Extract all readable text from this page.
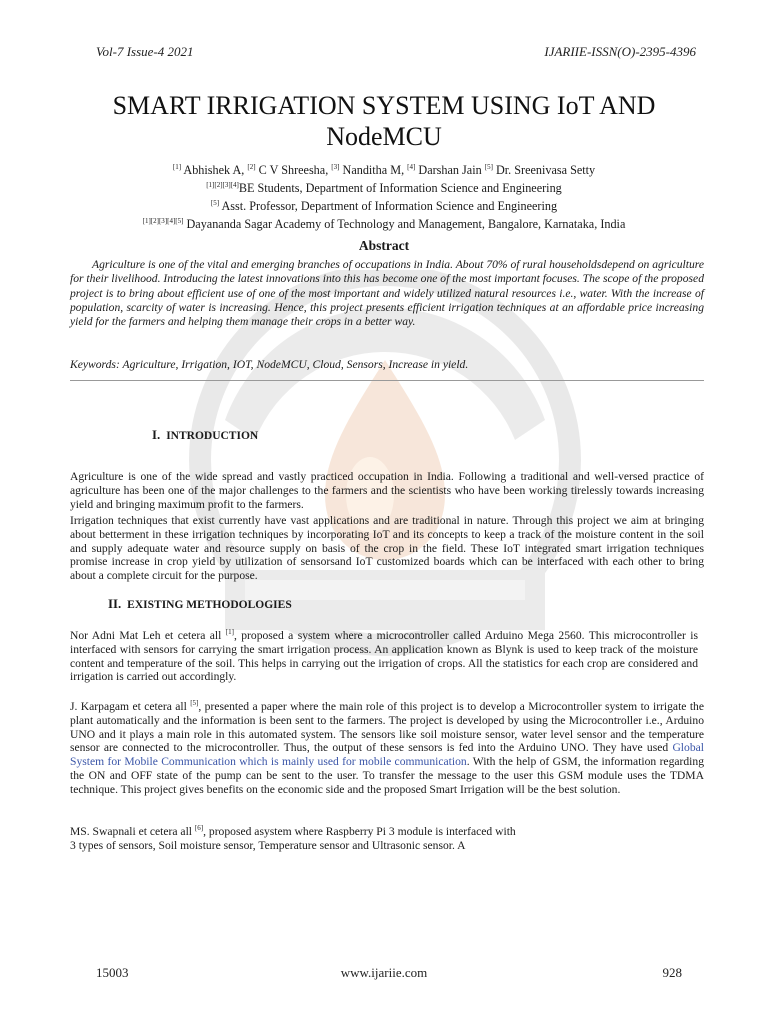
Vol-7 Issue-4 2021	IJARIIE-ISSN(O)-2395-4396
SMART IRRIGATION SYSTEM USING IoT AND
NodeMCU
[1] Abhishek A, [2] C V Shreesha, [3] Nanditha M, [4] Darshan Jain [5] Dr. Sreenivasa Setty
[1][2][3][4]BE Students, Department of Information Science and Engineering
[5] Asst. Professor, Department of Information Science and Engineering
[1][2][3][4][5] Dayananda Sagar Academy of Technology and Management, Bangalore, Karnataka, India
Abstract

Agriculture is one of the vital and emerging branches of occupations in India. About 70% of rural householdsdepend on agriculture for their livelihood. Introducing the latest innovations into this has become one of the most important focuses. The scope of the proposed project is to bring about efficient use of one of the most important and widely utilized natural resources i.e., water. With the increase of population, scarcity of water is increasing. Hence, this project presents efficient irrigation techniques at an affordable price increasing yield for the farmers and helping them manage their crops in a better way.

Keywords: Agriculture, Irrigation, IOT, NodeMCU, Cloud, Sensors, Increase in yield.
I. INTRODUCTION

Agriculture is one of the wide spread and vastly practiced occupation in India. Following a traditional and well-versed practice of agriculture has been one of the major challenges to the farmers and the scientists who have been working tirelessly towards increasing yield and bringing maximum profit to the farmers.

Irrigation techniques that exist currently have vast applications and are traditional in nature. Through this project we aim at bringing about betterment in these irrigation techniques by incorporating IoT and its concepts to keep a track of the moisture content in the soil and supply adequate water and resource supply on basis of the crop in the field. These IoT integrated smart irrigation techniques promise increase in crop yield by utilization of sensorsand IoT customized boards which can be interfaced with each other to bring about a complete circuit for the purpose.

II. EXISTING METHODOLOGIES

Nor Adni Mat Leh et cetera all [1], proposed a system where a microcontroller called Arduino Mega 2560. This microcontroller is interfaced with sensors for carrying the smart irrigation process. An application known as Blynk is used to keep track of the moisture content and temperature of the soil. This helps in carrying out the irrigation of crops. All the statistics for each crop are considered and irrigation is carried out accordingly.

J. Karpagam et cetera all [5], presented a paper where the main role of this project is to develop a Microcontroller system to irrigate the plant automatically and the information is been sent to the farmers. The project is developed by using the Microcontroller i.e., Arduino UNO and it plays a main role in this automated system. The sensors like soil moisture sensor, water level sensor and the temperature sensor are connected to the microcontroller. Thus, the output of these sensors is fed into the Arduino UNO. They have used Global System for Mobile Communication which is mainly used for mobile communication. With the help of GSM, the information regarding the ON and OFF state of the pump can be sent to the user. To transfer the message to the user this GSM module uses the TDMA technique. This project gives benefits on the economic side and the proposed Smart Irrigation will be the best solution.

MS. Swapnali et cetera all [6], proposed asystem where Raspberry Pi 3 module is interfaced with
3 types of sensors, Soil moisture sensor, Temperature sensor and Ultrasonic sensor. A

15003	www.ijariie.com	928
